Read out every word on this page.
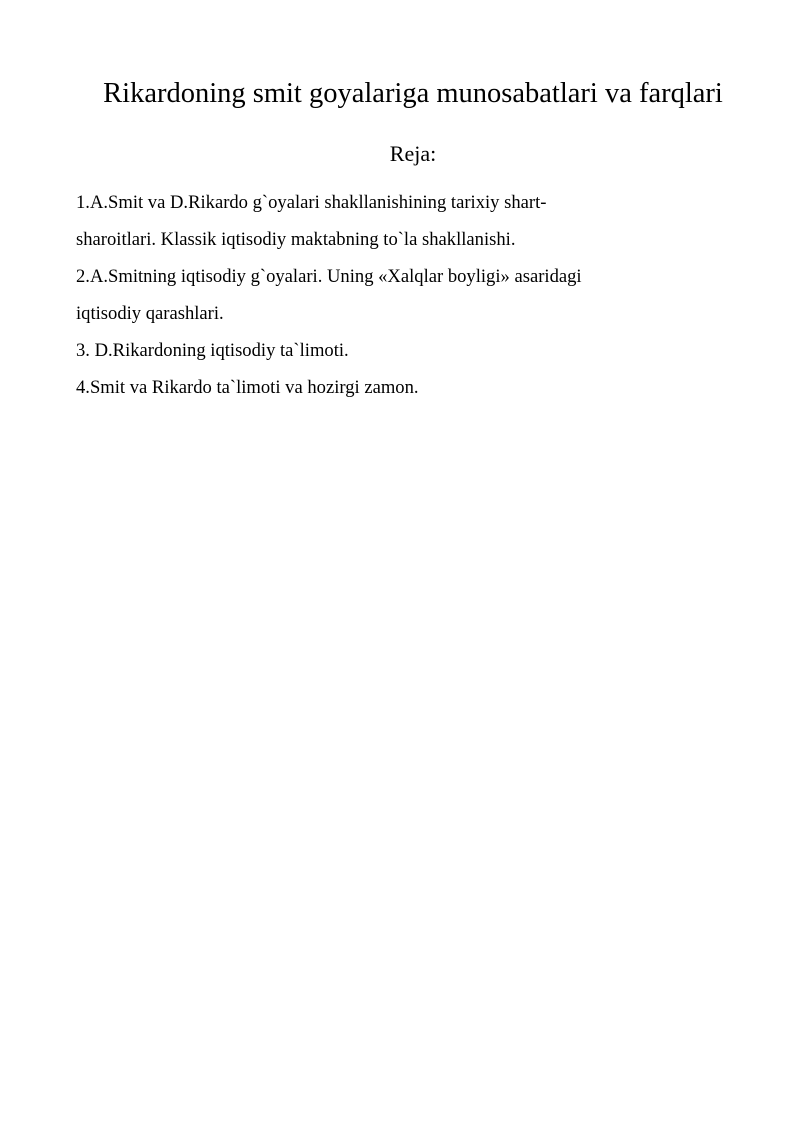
Rikardoning smit goyalariga munosabatlari va farqlari
Reja:
1.A.Smit va D.Rikardo g`oyalari shakllanishining tarixiy shart-
sharoitlari. Klassik iqtisodiy maktabning to`la shakllanishi.
2.A.Smitning iqtisodiy g`oyalari. Uning «Xalqlar boyligi» asaridagi
iqtisodiy qarashlari.
3. D.Rikardoning iqtisodiy ta`limoti.
4.Smit va Rikardo ta`limoti va hozirgi zamon.
